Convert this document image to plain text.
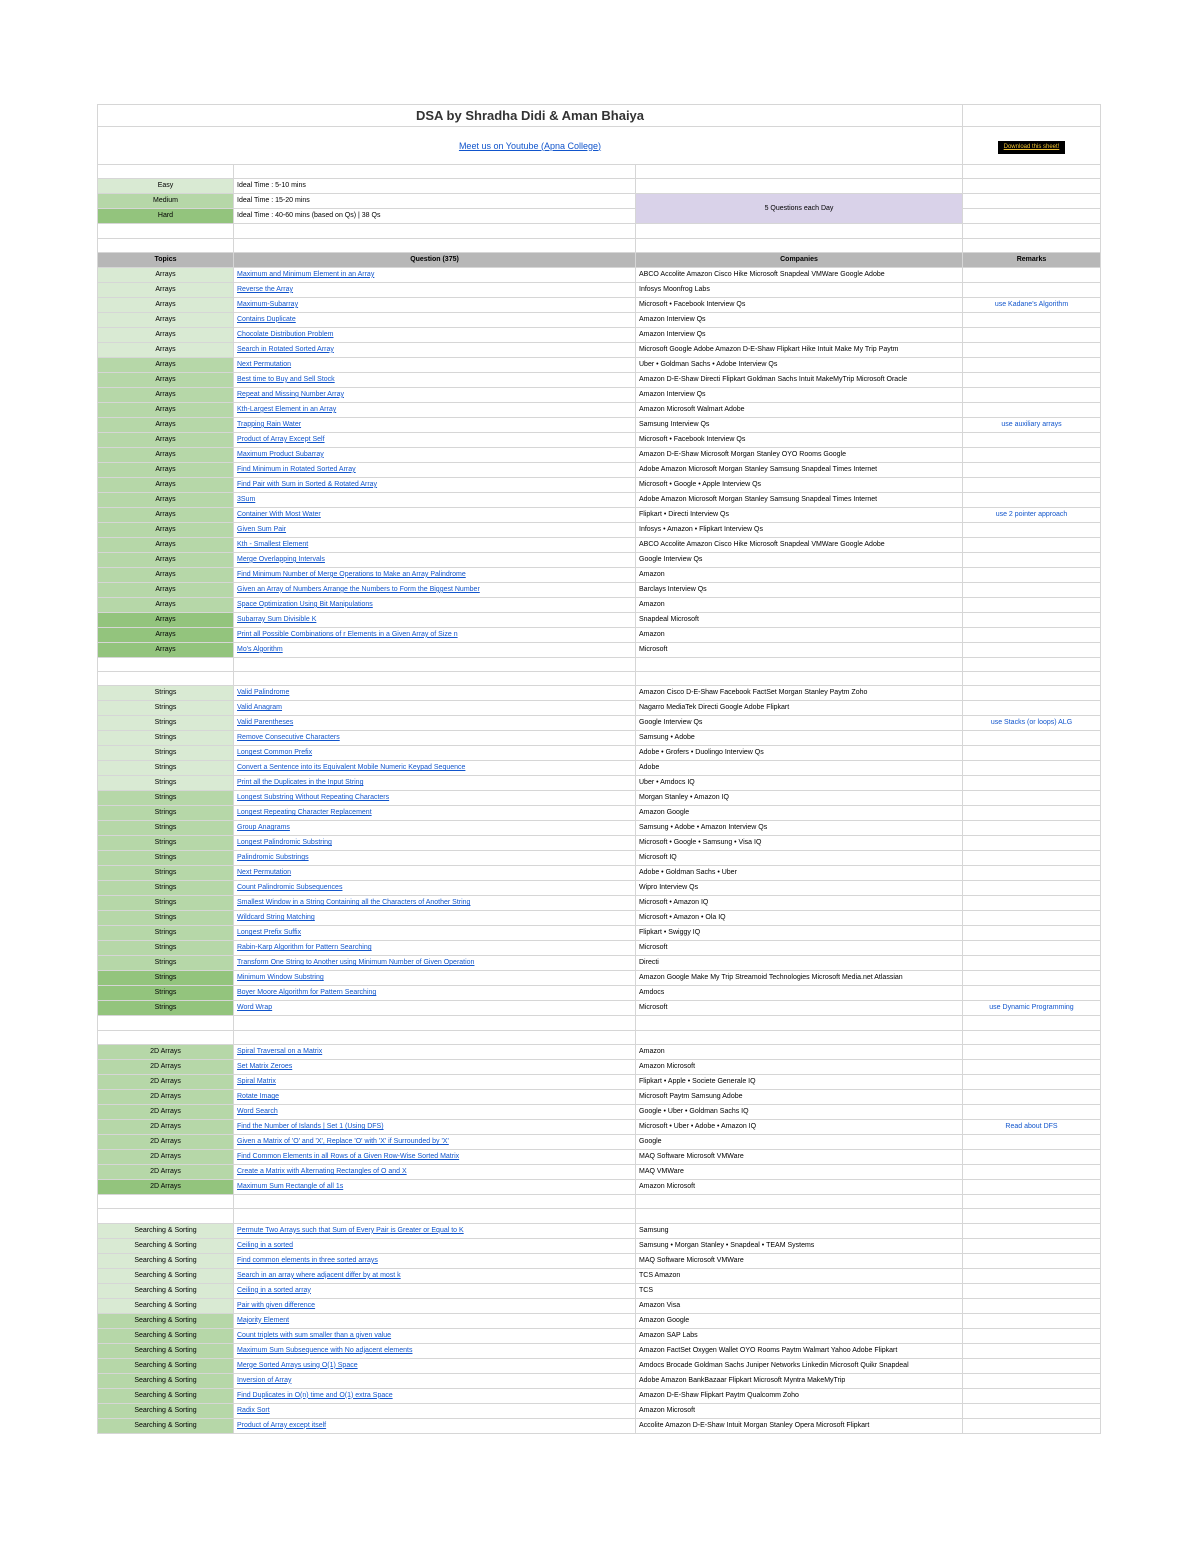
DSA by Shradha Didi & Aman Bhaiya			
Meet us on Youtube (Apna College)			Download this sheet!

Easy	Ideal Time : 5-10 mins		
Medium	Ideal Time : 15-20 mins	5 Questions each Day	
Hard	Ideal Time : 40-60 mins (based on Qs) | 38 Qs		

Topics	Question (375)	Companies	Remarks
Arrays	Maximum and Minimum Element in an Array	ABCO Accolite Amazon Cisco Hike Microsoft Snapdeal VMWare Google Adobe	
Arrays	Reverse the Array	Infosys Moonfrog Labs	
Arrays	Maximum-Subarray	Microsoft • Facebook Interview Qs	use Kadane's Algorithm
Arrays	Contains Duplicate	Amazon Interview Qs	
Arrays	Chocolate Distribution Problem	Amazon Interview Qs	
Arrays	Search in Rotated Sorted Array	Microsoft Google Adobe Amazon D-E-Shaw Flipkart Hike Intuit Make My Trip Paytm	
Arrays	Next Permutation	Uber • Goldman Sachs • Adobe Interview Qs	
Arrays	Best time to Buy and Sell Stock	Amazon D-E-Shaw Directi Flipkart Goldman Sachs Intuit MakeMyTrip Microsoft Oracle	
Arrays	Repeat and Missing Number Array	Amazon Interview Qs	
Arrays	Kth-Largest Element in an Array	Amazon Microsoft Walmart Adobe	
Arrays	Trapping Rain Water	Samsung Interview Qs	use auxiliary arrays
Arrays	Product of Array Except Self	Microsoft • Facebook Interview Qs	
Arrays	Maximum Product Subarray	Amazon D-E-Shaw Microsoft Morgan Stanley OYO Rooms Google	
Arrays	Find Minimum in Rotated Sorted Array	Adobe Amazon Microsoft Morgan Stanley Samsung Snapdeal Times Internet	
Arrays	Find Pair with Sum in Sorted & Rotated Array	Microsoft • Google • Apple Interview Qs	
Arrays	3Sum	Adobe Amazon Microsoft Morgan Stanley Samsung Snapdeal Times Internet	
Arrays	Container With Most Water	Flipkart • Directi Interview Qs	use 2 pointer approach
Arrays	Given Sum Pair	Infosys • Amazon • Flipkart Interview Qs	
Arrays	Kth - Smallest Element	ABCO Accolite Amazon Cisco Hike Microsoft Snapdeal VMWare Google Adobe	
Arrays	Merge Overlapping Intervals	Google Interview Qs	
Arrays	Find Minimum Number of Merge Operations to Make an Array Palindrome	Amazon	
Arrays	Given an Array of Numbers Arrange the Numbers to Form the Biggest Number	Barclays Interview Qs	
Arrays	Space Optimization Using Bit Manipulations	Amazon	
Arrays	Subarray Sum Divisible K	Snapdeal Microsoft	
Arrays	Print all Possible Combinations of r Elements in a Given Array of Size n	Amazon	
Arrays	Mo's Algorithm	Microsoft	

Strings	Valid Palindrome	Amazon Cisco D-E-Shaw Facebook FactSet Morgan Stanley Paytm Zoho	
Strings	Valid Anagram	Nagarro MediaTek Directi Google Adobe Flipkart	
Strings	Valid Parentheses	Google Interview Qs	use Stacks (or loops) ALG
Strings	Remove Consecutive Characters	Samsung • Adobe	
Strings	Longest Common Prefix	Adobe • Grofers • Duolingo Interview Qs	
Strings	Convert a Sentence into its Equivalent Mobile Numeric Keypad Sequence	Adobe	
Strings	Print all the Duplicates in the Input String	Uber • Amdocs IQ	
Strings	Longest Substring Without Repeating Characters	Morgan Stanley • Amazon IQ	
Strings	Longest Repeating Character Replacement	Amazon Google	
Strings	Group Anagrams	Samsung • Adobe • Amazon Interview Qs	
Strings	Longest Palindromic Substring	Microsoft • Google • Samsung • Visa IQ	
Strings	Palindromic Substrings	Microsoft IQ	
Strings	Next Permutation	Adobe • Goldman Sachs • Uber	
Strings	Count Palindromic Subsequences	Wipro Interview Qs	
Strings	Smallest Window in a String Containing all the Characters of Another String	Microsoft • Amazon IQ	
Strings	Wildcard String Matching	Microsoft • Amazon • Ola IQ	
Strings	Longest Prefix Suffix	Flipkart • Swiggy IQ	
Strings	Rabin-Karp Algorithm for Pattern Searching	Microsoft	
Strings	Transform One String to Another using Minimum Number of Given Operation	Directi	
Strings	Minimum Window Substring	Amazon Google Make My Trip Streamoid Technologies Microsoft Media.net Atlassian	
Strings	Boyer Moore Algorithm for Pattern Searching	Amdocs	
Strings	Word Wrap	Microsoft	use Dynamic Programming

2D Arrays	Spiral Traversal on a Matrix	Amazon	
2D Arrays	Set Matrix Zeroes	Amazon Microsoft	
2D Arrays	Spiral Matrix	Flipkart • Apple • Societe Generale IQ	
2D Arrays	Rotate Image	Microsoft Paytm Samsung Adobe	
2D Arrays	Word Search	Google • Uber • Goldman Sachs IQ	
2D Arrays	Find the Number of Islands | Set 1 (Using DFS)	Microsoft • Uber • Adobe • Amazon IQ	Read about DFS
2D Arrays	Given a Matrix of 'O' and 'X', Replace 'O' with 'X' if Surrounded by 'X'	Google	
2D Arrays	Find Common Elements in all Rows of a Given Row-Wise Sorted Matrix	MAQ Software Microsoft VMWare	
2D Arrays	Create a Matrix with Alternating Rectangles of O and X	MAQ VMWare	
2D Arrays	Maximum Sum Rectangle of all 1s	Amazon Microsoft	

Searching & Sorting	Permute Two Arrays such that Sum of Every Pair is Greater or Equal to K	Samsung	
Searching & Sorting	Ceiling in a sorted	Samsung • Morgan Stanley • Snapdeal • TEAM Systems	
Searching & Sorting	Find common elements in three sorted arrays	MAQ Software Microsoft VMWare	
Searching & Sorting	Search in an array where adjacent differ by at most k	TCS Amazon	
Searching & Sorting	Ceiling in a sorted array	TCS	
Searching & Sorting	Pair with given difference	Amazon Visa	
Searching & Sorting	Majority Element	Amazon Google	
Searching & Sorting	Count triplets with sum smaller than a given value	Amazon SAP Labs	
Searching & Sorting	Maximum Sum Subsequence with No adjacent elements	Amazon FactSet Oxygen Wallet OYO Rooms Paytm Walmart Yahoo Adobe Flipkart	
Searching & Sorting	Merge Sorted Arrays using O(1) Space	Amdocs Brocade Goldman Sachs Juniper Networks Linkedin Microsoft Quikr Snapdeal	
Searching & Sorting	Inversion of Array	Adobe Amazon BankBazaar Flipkart Microsoft Myntra MakeMyTrip	
Searching & Sorting	Find Duplicates in O(n) time and O(1) extra Space	Amazon D-E-Shaw Flipkart Paytm Qualcomm Zoho	
Searching & Sorting	Radix Sort	Amazon Microsoft	
Searching & Sorting	Product of Array except itself	Accolite Amazon D-E-Shaw Intuit Morgan Stanley Opera Microsoft Flipkart	
